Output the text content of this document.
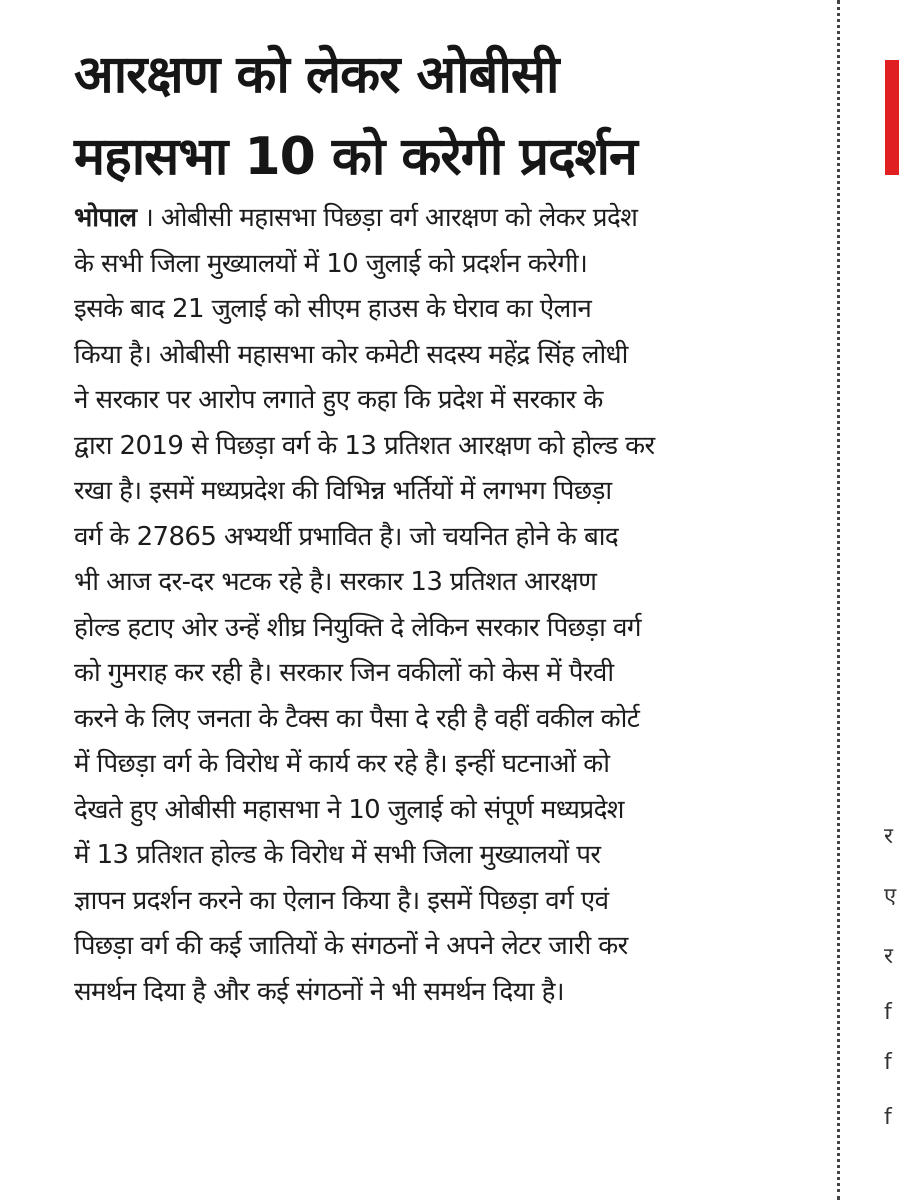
आरक्षण को लेकर ओबीसी
महासभा 10 को करेगी प्रदर्शन
भोपाल । ओबीसी महासभा पिछड़ा वर्ग आरक्षण को लेकर प्रदेश
के सभी जिला मुख्यालयों में 10 जुलाई को प्रदर्शन करेगी।
इसके बाद 21 जुलाई को सीएम हाउस के घेराव का ऐलान
किया है। ओबीसी महासभा कोर कमेटी सदस्य महेंद्र सिंह लोधी
ने सरकार पर आरोप लगाते हुए कहा कि प्रदेश में सरकार के
द्वारा 2019 से पिछड़ा वर्ग के 13 प्रतिशत आरक्षण को होल्ड कर
रखा है। इसमें मध्यप्रदेश की विभिन्न भर्तियों में लगभग पिछड़ा
वर्ग के 27865 अभ्यर्थी प्रभावित है। जो चयनित होने के बाद
भी आज दर-दर भटक रहे है। सरकार 13 प्रतिशत आरक्षण
होल्ड हटाए ओर उन्हें शीघ्र नियुक्ति दे लेकिन सरकार पिछड़ा वर्ग
को गुमराह कर रही है। सरकार जिन वकीलों को केस में पैरवी
करने के लिए जनता के टैक्स का पैसा दे रही है वहीं वकील कोर्ट
में पिछड़ा वर्ग के विरोध में कार्य कर रहे है। इन्हीं घटनाओं को
देखते हुए ओबीसी महासभा ने 10 जुलाई को संपूर्ण मध्यप्रदेश
में 13 प्रतिशत होल्ड के विरोध में सभी जिला मुख्यालयों पर
ज्ञापन प्रदर्शन करने का ऐलान किया है। इसमें पिछड़ा वर्ग एवं
पिछड़ा वर्ग की कई जातियों के संगठनों ने अपने लेटर जारी कर
समर्थन दिया है और कई संगठनों ने भी समर्थन दिया है।
र
ए
र
f
f
f
